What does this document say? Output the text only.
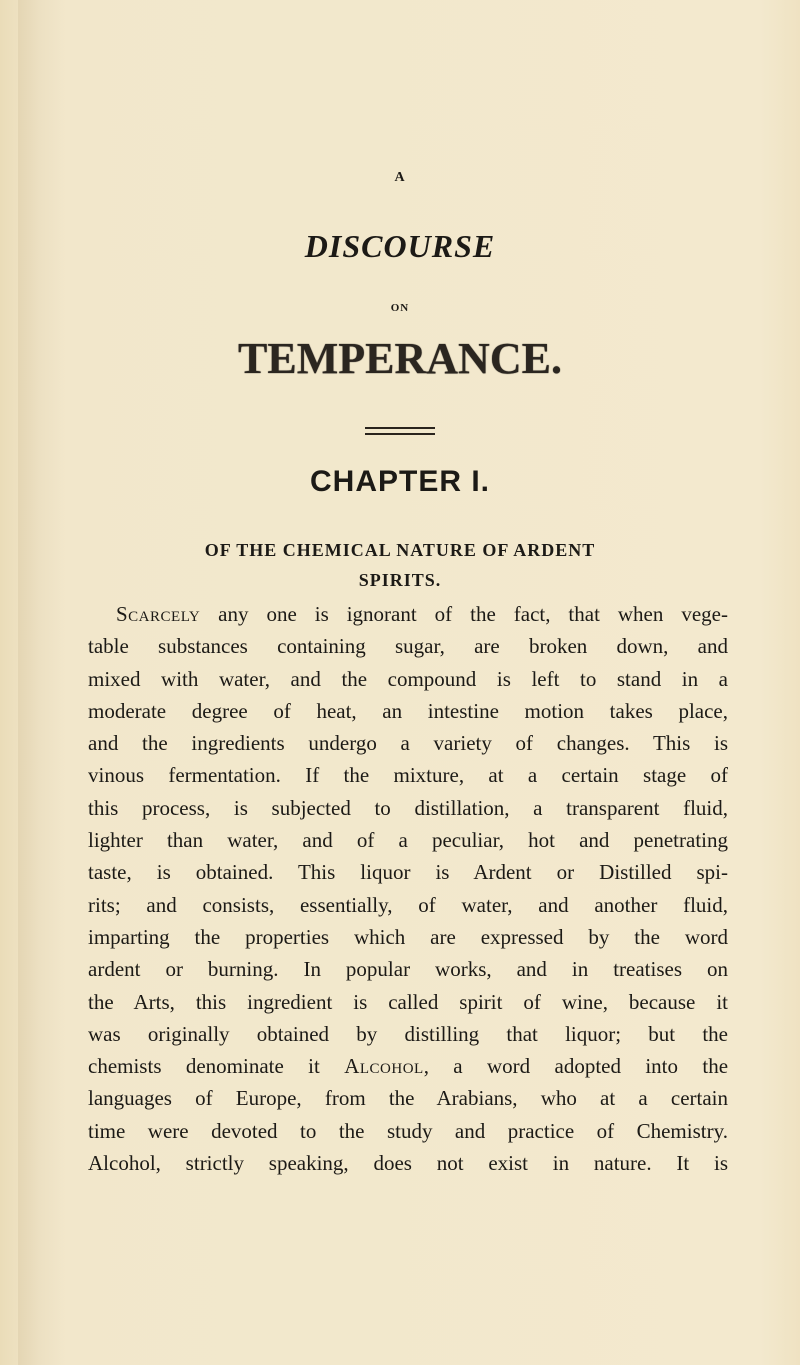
A
DISCOURSE
ON
TEMPERANCE.
CHAPTER I.
OF THE CHEMICAL NATURE OF ARDENT
SPIRITS.
Scarcely any one is ignorant of the fact, that when vege-
table substances containing sugar, are broken down, and
mixed with water, and the compound is left to stand in a
moderate degree of heat, an intestine motion takes place,
and the ingredients undergo a variety of changes. This is
vinous fermentation. If the mixture, at a certain stage of
this process, is subjected to distillation, a transparent fluid,
lighter than water, and of a peculiar, hot and penetrating
taste, is obtained. This liquor is Ardent or Distilled spi-
rits; and consists, essentially, of water, and another fluid,
imparting the properties which are expressed by the word
ardent or burning. In popular works, and in treatises on
the Arts, this ingredient is called spirit of wine, because it
was originally obtained by distilling that liquor; but the
chemists denominate it Alcohol, a word adopted into the
languages of Europe, from the Arabians, who at a certain
time were devoted to the study and practice of Chemistry.
Alcohol, strictly speaking, does not exist in nature. It is
